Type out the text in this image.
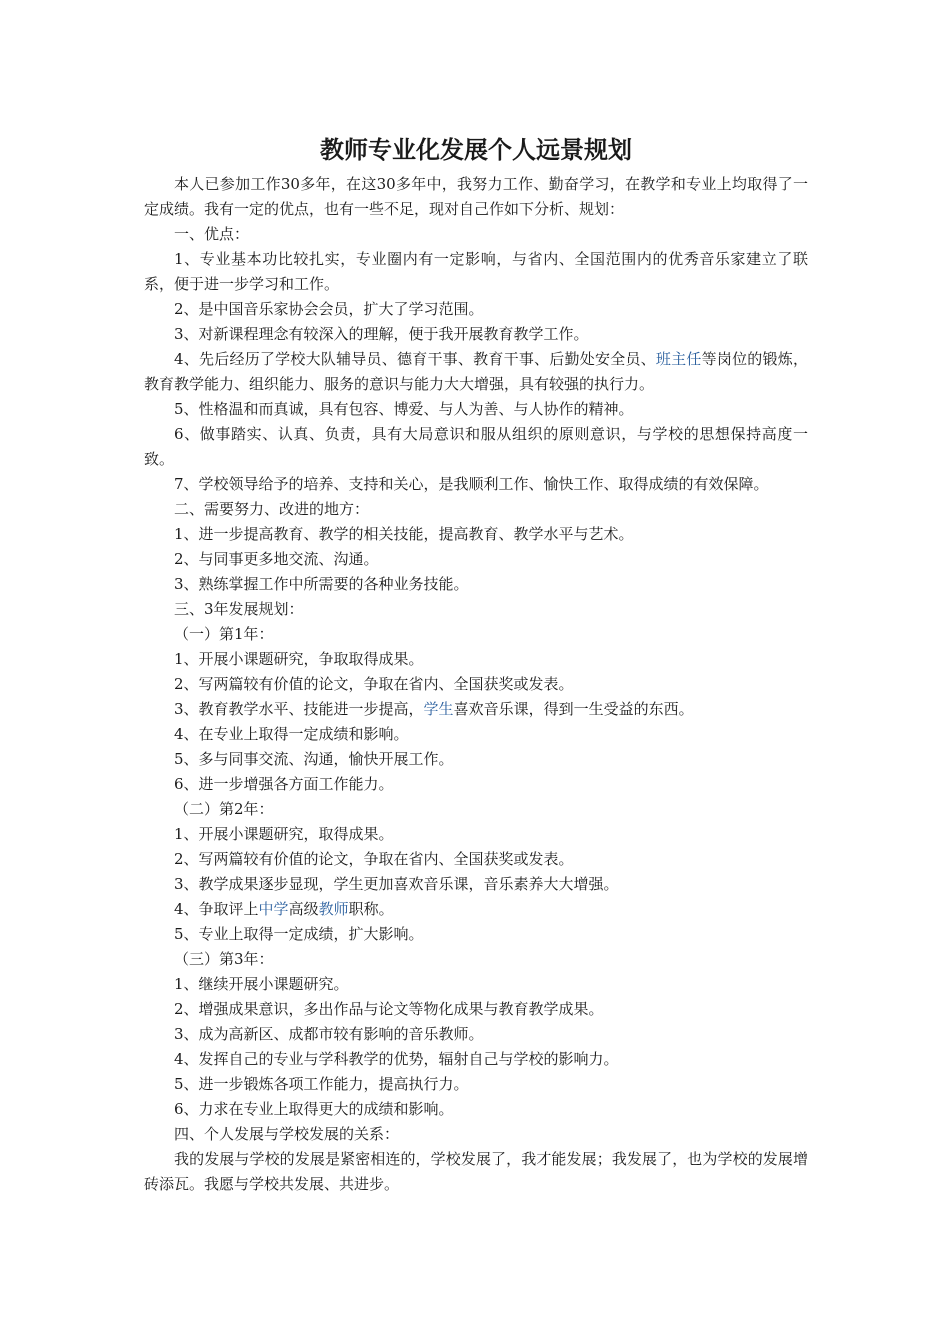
教师专业化发展个人远景规划

本人已参加工作30多年，在这30多年中，我努力工作、勤奋学习，在教学和专业上均取得了一定成绩。我有一定的优点，也有一些不足，现对自己作如下分析、规划：

一、优点：

1、专业基本功比较扎实，专业圈内有一定影响，与省内、全国范围内的优秀音乐家建立了联系，便于进一步学习和工作。

2、是中国音乐家协会会员，扩大了学习范围。

3、对新课程理念有较深入的理解，便于我开展教育教学工作。

4、先后经历了学校大队辅导员、德育干事、教育干事、后勤处安全员、班主任等岗位的锻炼，教育教学能力、组织能力、服务的意识与能力大大增强，具有较强的执行力。

5、性格温和而真诚，具有包容、博爱、与人为善、与人协作的精神。

6、做事踏实、认真、负责，具有大局意识和服从组织的原则意识，与学校的思想保持高度一致。

7、学校领导给予的培养、支持和关心，是我顺利工作、愉快工作、取得成绩的有效保障。

二、需要努力、改进的地方：

1、进一步提高教育、教学的相关技能，提高教育、教学水平与艺术。

2、与同事更多地交流、沟通。

3、熟练掌握工作中所需要的各种业务技能。

三、3年发展规划：

（一）第1年：

1、开展小课题研究，争取取得成果。

2、写两篇较有价值的论文，争取在省内、全国获奖或发表。

3、教育教学水平、技能进一步提高，学生喜欢音乐课，得到一生受益的东西。

4、在专业上取得一定成绩和影响。

5、多与同事交流、沟通，愉快开展工作。

6、进一步增强各方面工作能力。

（二）第2年：

1、开展小课题研究，取得成果。

2、写两篇较有价值的论文，争取在省内、全国获奖或发表。

3、教学成果逐步显现，学生更加喜欢音乐课，音乐素养大大增强。

4、争取评上中学高级教师职称。

5、专业上取得一定成绩，扩大影响。

（三）第3年：

1、继续开展小课题研究。

2、增强成果意识，多出作品与论文等物化成果与教育教学成果。

3、成为高新区、成都市较有影响的音乐教师。

4、发挥自己的专业与学科教学的优势，辐射自己与学校的影响力。

5、进一步锻炼各项工作能力，提高执行力。

6、力求在专业上取得更大的成绩和影响。

四、个人发展与学校发展的关系：

我的发展与学校的发展是紧密相连的，学校发展了，我才能发展；我发展了，也为学校的发展增砖添瓦。我愿与学校共发展、共进步。
